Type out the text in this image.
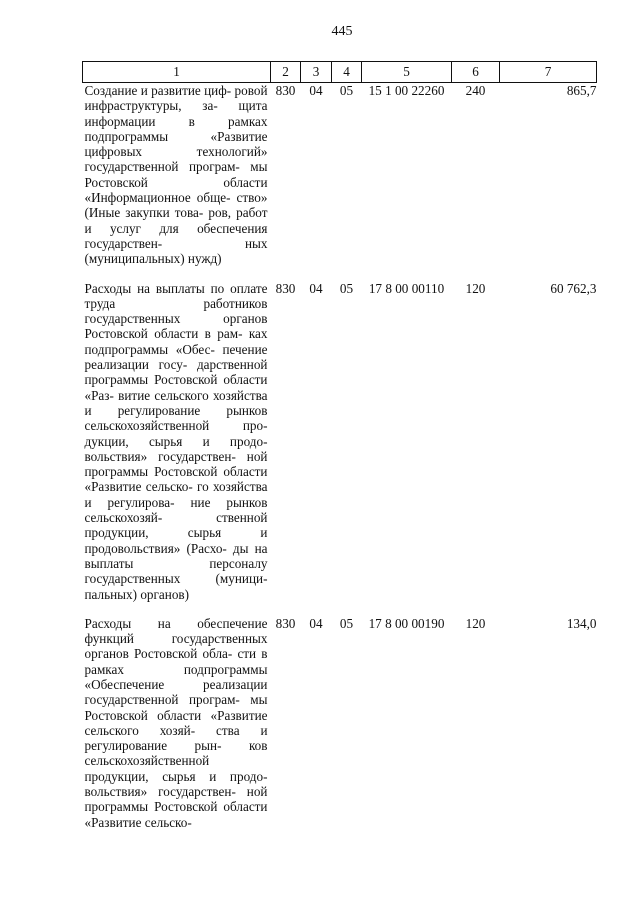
445
1	2	3	4	5	6	7
Создание и развитие циф- ровой инфраструктуры, за- щита информации в рамках подпрограммы «Развитие цифровых технологий» государственной програм- мы Ростовской области «Информационное обще- ство» (Иные закупки това- ров, работ и услуг для обеспечения государствен- ных (муниципальных) нужд)	830	04	05	15 1 00 22260	240	865,7
Расходы на выплаты по оплате труда работников государственных органов Ростовской области в рам- ках подпрограммы «Обес- печение реализации госу- дарственной программы Ростовской области «Раз- витие сельского хозяйства и регулирование рынков сельскохозяйственной про- дукции, сырья и продо- вольствия» государствен- ной программы Ростовской области «Развитие сельско- го хозяйства и регулирова- ние рынков сельскохозяй- ственной продукции, сырья и продовольствия» (Расхо- ды на выплаты персоналу государственных (муници- пальных) органов)	830	04	05	17 8 00 00110	120	60 762,3
Расходы на обеспечение функций государственных органов Ростовской обла- сти в рамках подпрограммы «Обеспечение реализации государственной програм- мы Ростовской области «Развитие сельского хозяй- ства и регулирование рын- ков сельскохозяйственной продукции, сырья и продо- вольствия» государствен- ной программы Ростовской области «Развитие сельско-	830	04	05	17 8 00 00190	120	134,0
